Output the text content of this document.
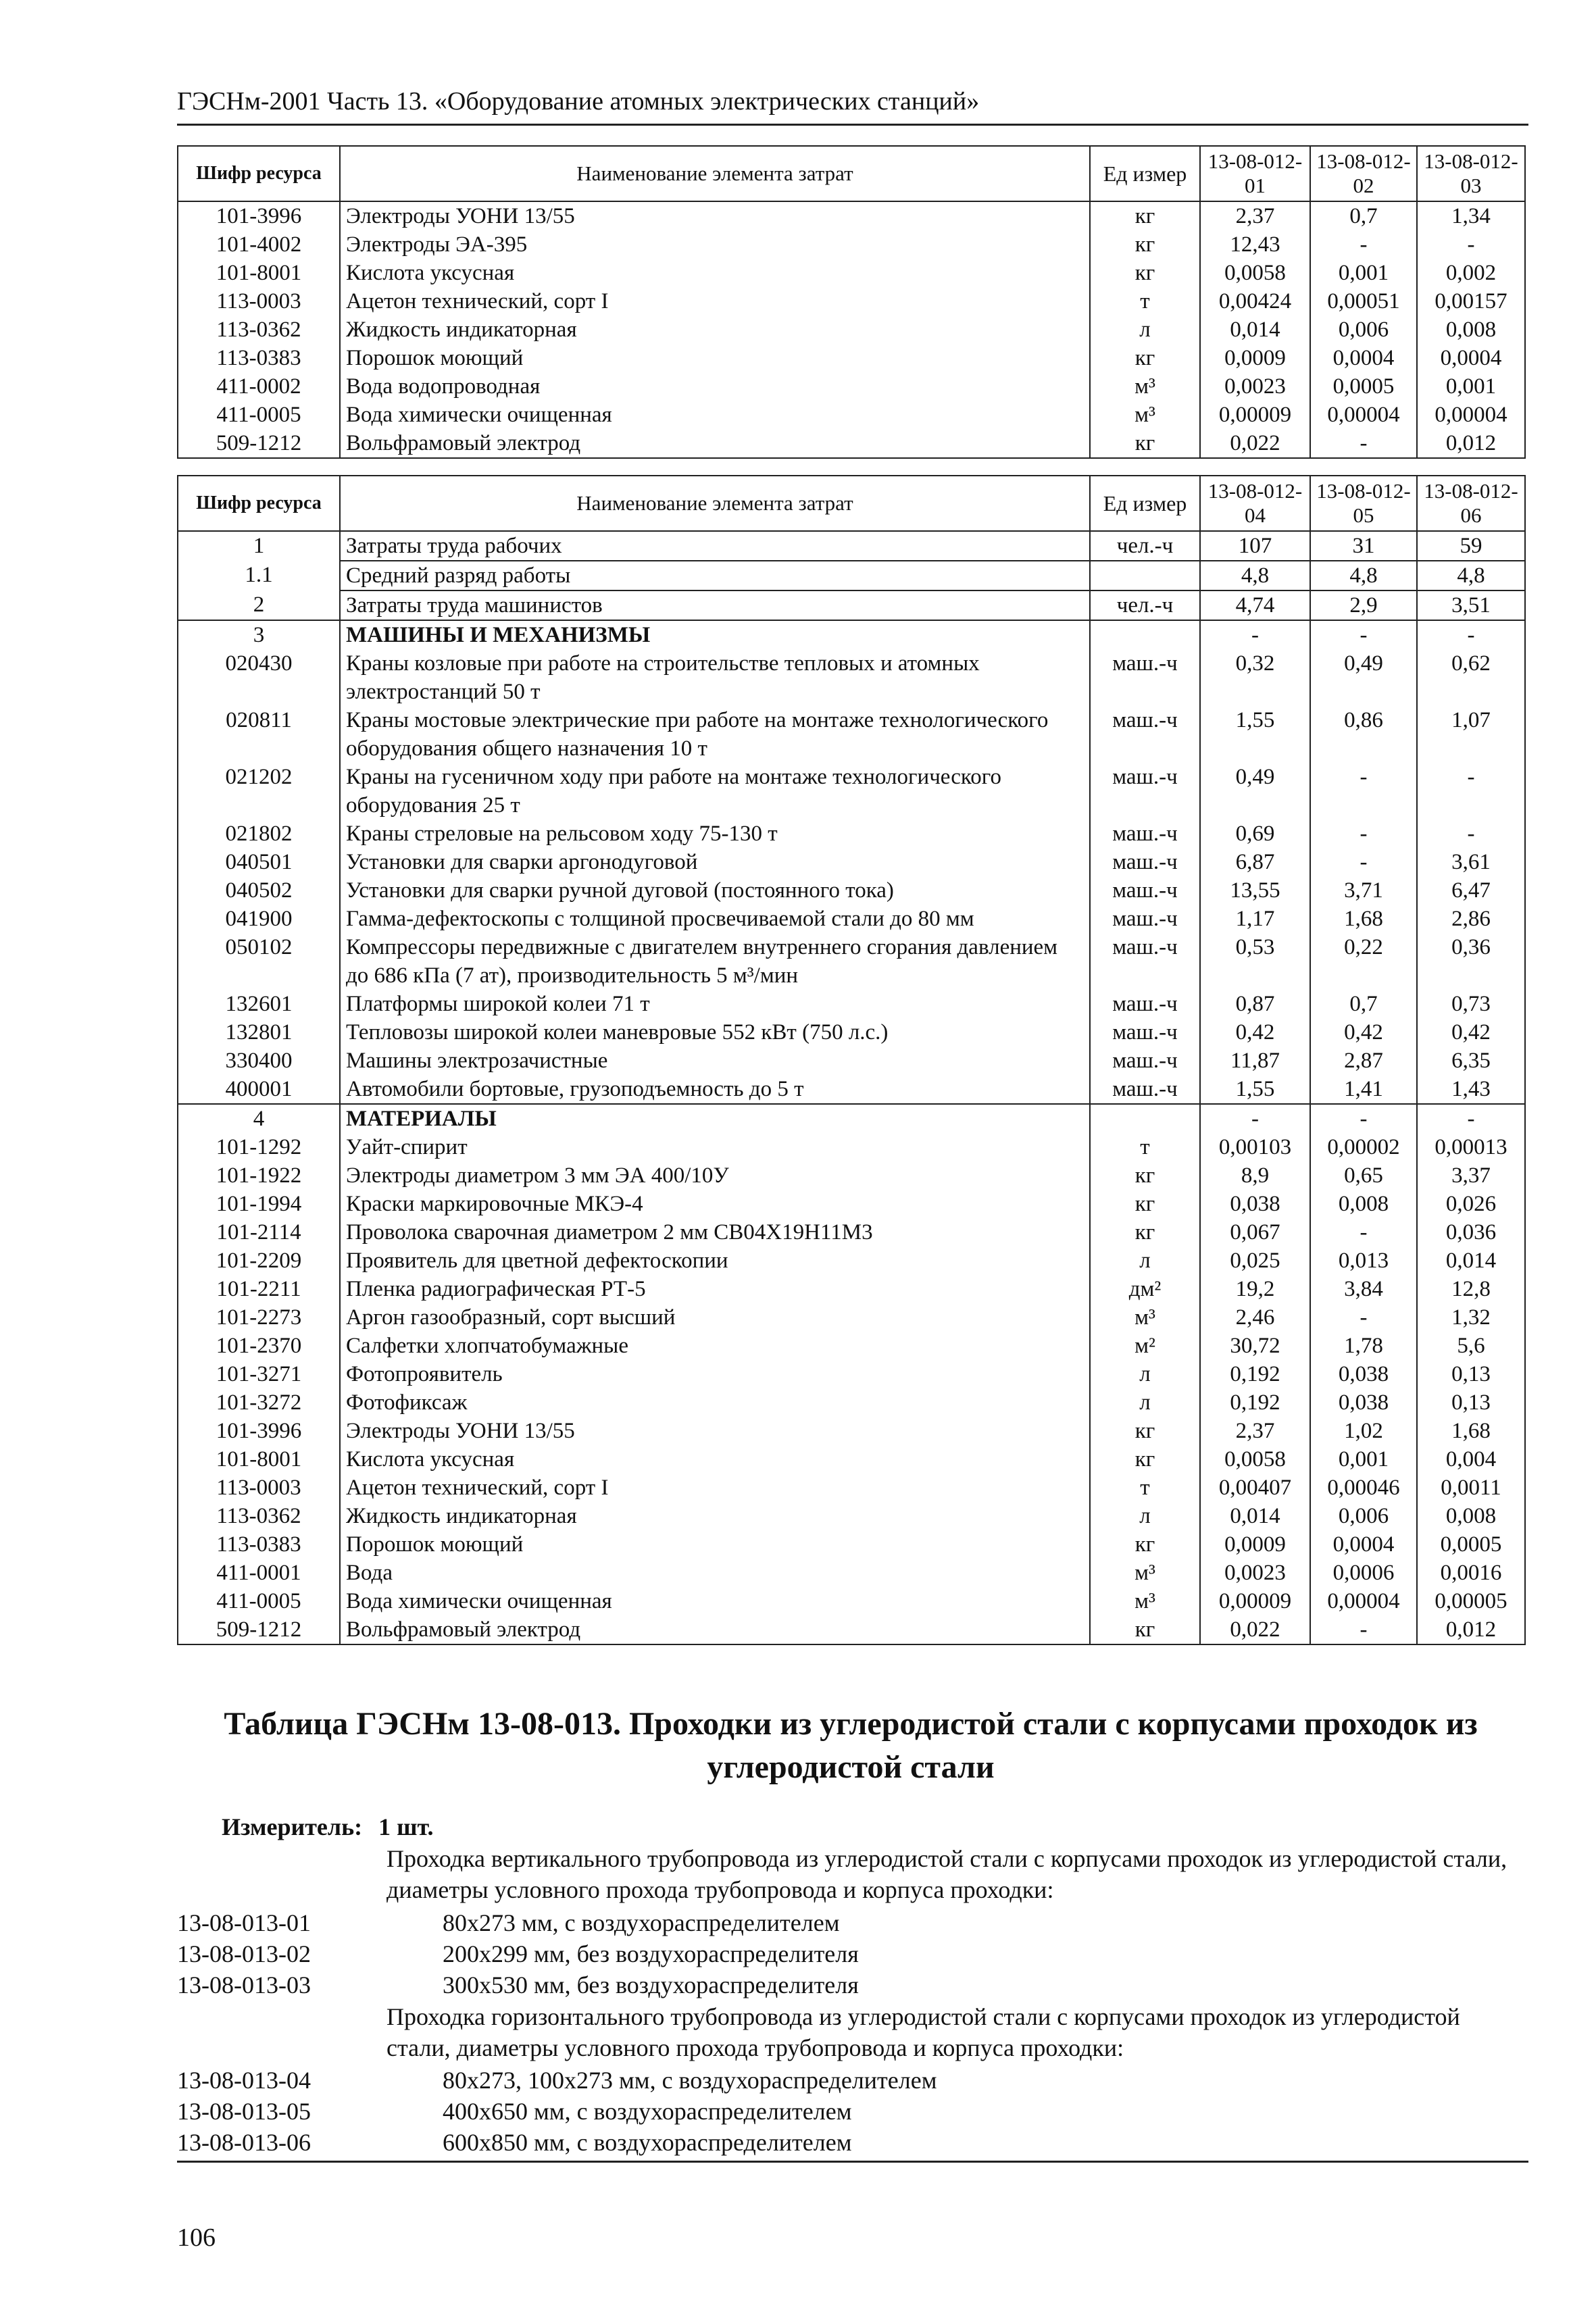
ГЭСНм-2001 Часть 13. «Оборудование атомных электрических станций»
Шифр ресурса	Наименование элемента затрат	Ед измер	13-08-012-01	13-08-012-02	13-08-012-03
101-3996	Электроды УОНИ 13/55	кг	2,37	0,7	1,34
101-4002	Электроды ЭА-395	кг	12,43	-	-
101-8001	Кислота уксусная	кг	0,0058	0,001	0,002
113-0003	Ацетон технический, сорт I	т	0,00424	0,00051	0,00157
113-0362	Жидкость индикаторная	л	0,014	0,006	0,008
113-0383	Порошок моющий	кг	0,0009	0,0004	0,0004
411-0002	Вода водопроводная	м³	0,0023	0,0005	0,001
411-0005	Вода химически очищенная	м³	0,00009	0,00004	0,00004
509-1212	Вольфрамовый электрод	кг	0,022	-	0,012
Шифр ресурса	Наименование элемента затрат	Ед измер	13-08-012-04	13-08-012-05	13-08-012-06
1	Затраты труда рабочих	чел.-ч	107	31	59
1.1	Средний разряд работы		4,8	4,8	4,8
2	Затраты труда машинистов	чел.-ч	4,74	2,9	3,51
3	МАШИНЫ И МЕХАНИЗМЫ		-	-	-
020430	Краны козловые при работе на строительстве тепловых и атомных электростанций 50 т	маш.-ч	0,32	0,49	0,62
020811	Краны мостовые электрические при работе на монтаже технологического оборудования общего назначения 10 т	маш.-ч	1,55	0,86	1,07
021202	Краны на гусеничном ходу при работе на монтаже технологического оборудования 25 т	маш.-ч	0,49	-	-
021802	Краны стреловые на рельсовом ходу 75-130 т	маш.-ч	0,69	-	-
040501	Установки для сварки аргонодуговой	маш.-ч	6,87	-	3,61
040502	Установки для сварки ручной дуговой (постоянного тока)	маш.-ч	13,55	3,71	6,47
041900	Гамма-дефектоскопы с толщиной просвечиваемой стали до 80 мм	маш.-ч	1,17	1,68	2,86
050102	Компрессоры передвижные с двигателем внутреннего сгорания давлением до 686 кПа (7 ат), производительность 5 м³/мин	маш.-ч	0,53	0,22	0,36
132601	Платформы широкой колеи 71 т	маш.-ч	0,87	0,7	0,73
132801	Тепловозы широкой колеи маневровые 552 кВт (750 л.с.)	маш.-ч	0,42	0,42	0,42
330400	Машины электрозачистные	маш.-ч	11,87	2,87	6,35
400001	Автомобили бортовые, грузоподъемность до 5 т	маш.-ч	1,55	1,41	1,43
4	МАТЕРИАЛЫ		-	-	-
101-1292	Уайт-спирит	т	0,00103	0,00002	0,00013
101-1922	Электроды диаметром 3 мм ЭА 400/10У	кг	8,9	0,65	3,37
101-1994	Краски маркировочные МКЭ-4	кг	0,038	0,008	0,026
101-2114	Проволока сварочная диаметром 2 мм СВ04Х19Н11М3	кг	0,067	-	0,036
101-2209	Проявитель для цветной дефектоскопии	л	0,025	0,013	0,014
101-2211	Пленка радиографическая РТ-5	дм²	19,2	3,84	12,8
101-2273	Аргон газообразный, сорт высший	м³	2,46	-	1,32
101-2370	Салфетки хлопчатобумажные	м²	30,72	1,78	5,6
101-3271	Фотопроявитель	л	0,192	0,038	0,13
101-3272	Фотофиксаж	л	0,192	0,038	0,13
101-3996	Электроды УОНИ 13/55	кг	2,37	1,02	1,68
101-8001	Кислота уксусная	кг	0,0058	0,001	0,004
113-0003	Ацетон технический, сорт I	т	0,00407	0,00046	0,0011
113-0362	Жидкость индикаторная	л	0,014	0,006	0,008
113-0383	Порошок моющий	кг	0,0009	0,0004	0,0005
411-0001	Вода	м³	0,0023	0,0006	0,0016
411-0005	Вода химически очищенная	м³	0,00009	0,00004	0,00005
509-1212	Вольфрамовый электрод	кг	0,022	-	0,012
Таблица ГЭСНм 13-08-013. Проходки из углеродистой стали с корпусами проходок из
углеродистой стали
Измеритель: 1 шт.
Проходка вертикального трубопровода из углеродистой стали с корпусами проходок из углеродистой стали, диаметры условного прохода трубопровода и корпуса проходки:
13-08-013-01	80х273 мм, с воздухораспределителем
13-08-013-02	200х299 мм, без воздухораспределителя
13-08-013-03	300х530 мм, без воздухораспределителя
Проходка горизонтального трубопровода из углеродистой стали с корпусами проходок из углеродистой стали, диаметры условного прохода трубопровода и корпуса проходки:
13-08-013-04	80х273, 100х273 мм, с воздухораспределителем
13-08-013-05	400х650 мм, с воздухораспределителем
13-08-013-06	600х850 мм, с воздухораспределителем
106
